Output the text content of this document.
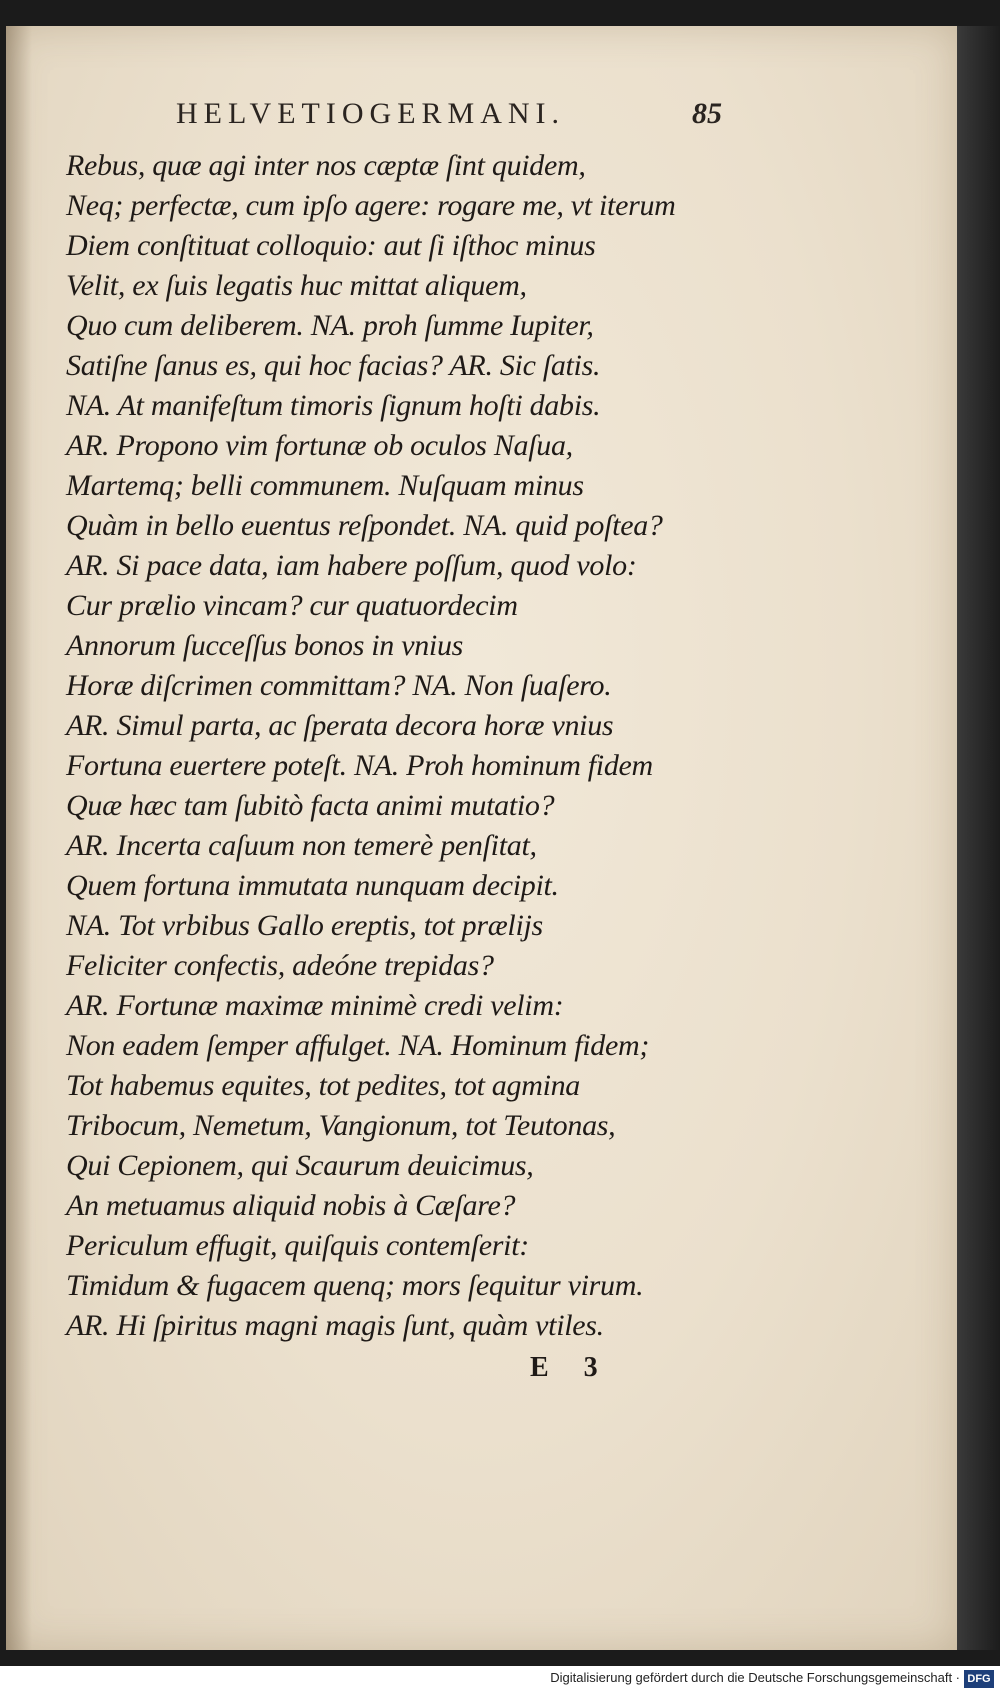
HELVETIOGERMANI.	85
Rebus, quæ agi inter nos cæptæ ſint quidem,
Neq; perfectæ, cum ipſo agere: rogare me, vt iterum
Diem conſtituat colloquio: aut ſi iſthoc minus
Velit, ex ſuis legatis huc mittat aliquem,
Quo cum deliberem. NA. proh ſumme Iupiter,
Satiſne ſanus es, qui hoc facias? AR. Sic ſatis.
NA. At manifeſtum timoris ſignum hoſti dabis.
AR. Propono vim fortunæ ob oculos Naſua,
Martemq; belli communem. Nuſquam minus
Quàm in bello euentus reſpondet. NA. quid poſtea?
AR. Si pace data, iam habere poſſum, quod volo:
Cur prælio vincam? cur quatuordecim
Annorum ſucceſſus bonos in vnius
Horæ diſcrimen committam? NA. Non ſuaſero.
AR. Simul parta, ac ſperata decora horæ vnius
Fortuna euertere poteſt. NA. Proh hominum fidem
Quæ hæc tam ſubitò facta animi mutatio?
AR. Incerta caſuum non temerè penſitat,
Quem fortuna immutata nunquam decipit.
NA. Tot vrbibus Gallo ereptis, tot prælijs
Feliciter confectis, adeóne trepidas?
AR. Fortunæ maximæ minimè credi velim:
Non eadem ſemper affulget. NA. Hominum fidem;
Tot habemus equites, tot pedites, tot agmina
Tribocum, Nemetum, Vangionum, tot Teutonas,
Qui Cepionem, qui Scaurum deuicimus,
An metuamus aliquid nobis à Cæſare?
Periculum effugit, quiſquis contemſerit:
Timidum & fugacem quenq; mors ſequitur virum.
AR. Hi ſpiritus magni magis ſunt, quàm vtiles.
E 3
Digitalisierung gefördert durch die Deutsche Forschungsgemeinschaft · DFG
